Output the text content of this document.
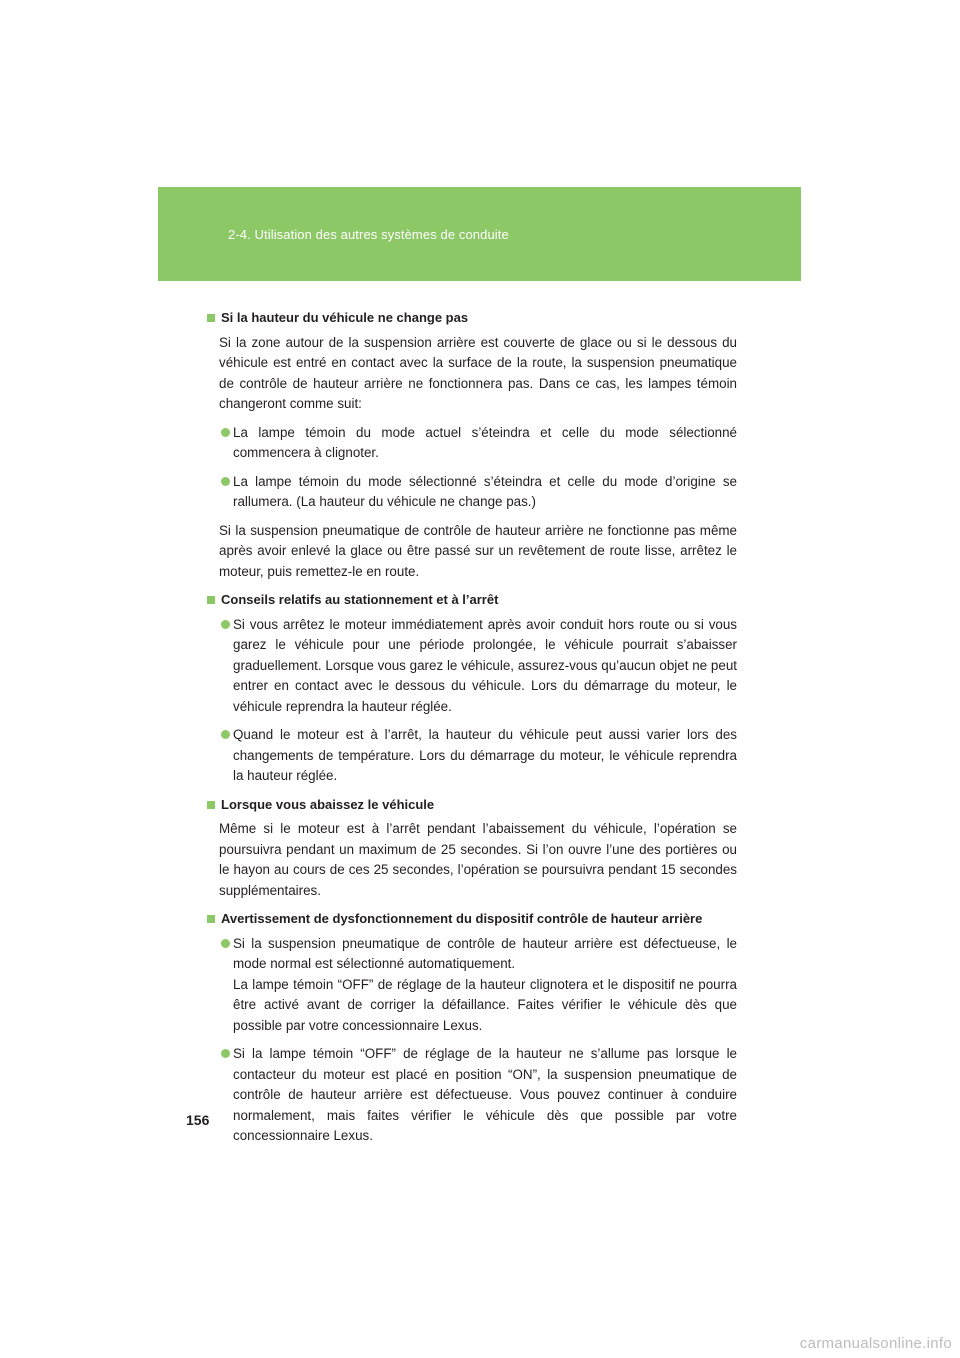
2-4. Utilisation des autres systèmes de conduite
Si la hauteur du véhicule ne change pas
Si la zone autour de la suspension arrière est couverte de glace ou si le dessous du véhicule est entré en contact avec la surface de la route, la suspension pneumatique de contrôle de hauteur arrière ne fonctionnera pas. Dans ce cas, les lampes témoin changeront comme suit:
La lampe témoin du mode actuel s’éteindra et celle du mode sélectionné commencera à clignoter.
La lampe témoin du mode sélectionné s’éteindra et celle du mode d’origine se rallumera. (La hauteur du véhicule ne change pas.)
Si la suspension pneumatique de contrôle de hauteur arrière ne fonctionne pas même après avoir enlevé la glace ou être passé sur un revêtement de route lisse, arrêtez le moteur, puis remettez-le en route.
Conseils relatifs au stationnement et à l’arrêt
Si vous arrêtez le moteur immédiatement après avoir conduit hors route ou si vous garez le véhicule pour une période prolongée, le véhicule pourrait s’abaisser graduellement. Lorsque vous garez le véhicule, assurez-vous qu’aucun objet ne peut entrer en contact avec le dessous du véhicule. Lors du démarrage du moteur, le véhicule reprendra la hauteur réglée.
Quand le moteur est à l’arrêt, la hauteur du véhicule peut aussi varier lors des changements de température. Lors du démarrage du moteur, le véhicule reprendra la hauteur réglée.
Lorsque vous abaissez le véhicule
Même si le moteur est à l’arrêt pendant l’abaissement du véhicule, l’opération se poursuivra pendant un maximum de 25 secondes. Si l’on ouvre l’une des portières ou le hayon au cours de ces 25 secondes, l’opération se poursuivra pendant 15 secondes supplémentaires.
Avertissement de dysfonctionnement du dispositif contrôle de hauteur arrière
Si la suspension pneumatique de contrôle de hauteur arrière est défectueuse, le mode normal est sélectionné automatiquement.
La lampe témoin “OFF” de réglage de la hauteur clignotera et le dispositif ne pourra être activé avant de corriger la défaillance. Faites vérifier le véhicule dès que possible par votre concessionnaire Lexus.
Si la lampe témoin “OFF” de réglage de la hauteur ne s’allume pas lorsque le contacteur du moteur est placé en position “ON”, la suspension pneumatique de contrôle de hauteur arrière est défectueuse. Vous pouvez continuer à conduire normalement, mais faites vérifier le véhicule dès que possible par votre concessionnaire Lexus.
156
carmanualsonline.info
